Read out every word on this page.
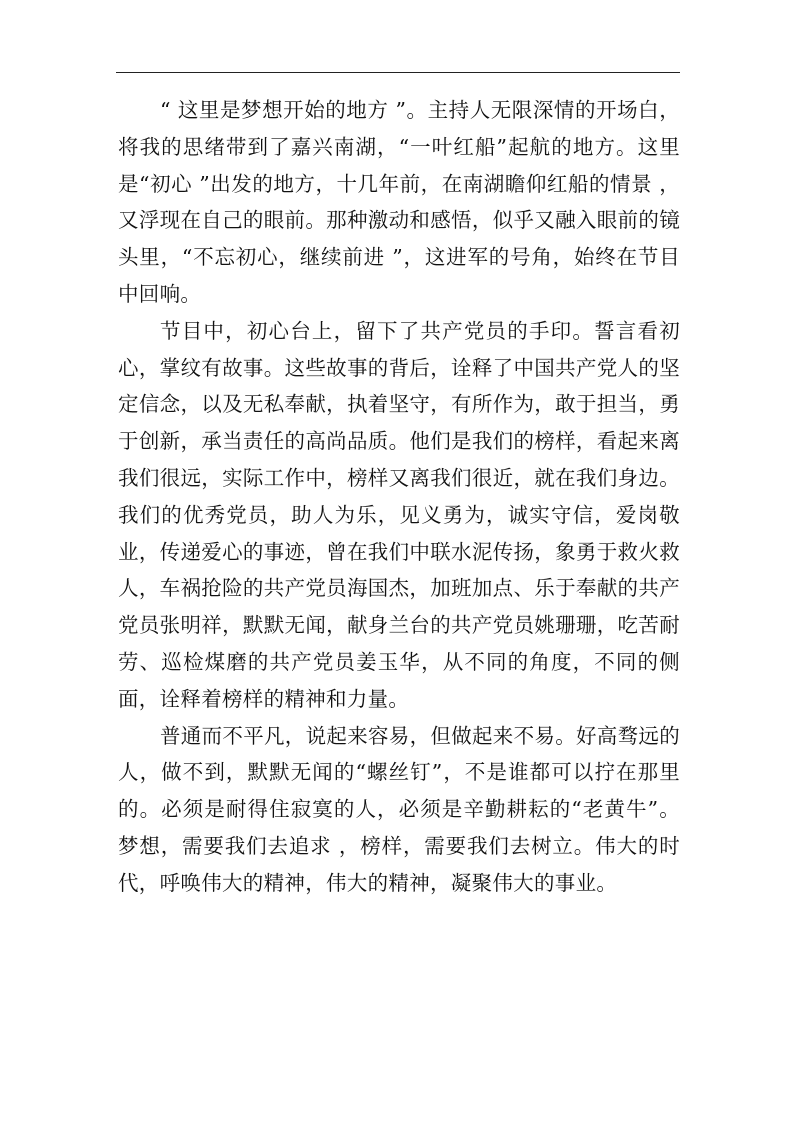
“ 这里是梦想开始的地方 ”。主持人无限深情的开场白，将我的思绪带到了嘉兴南湖，“一叶红船”起航的地方。这里是“初心 ”出发的地方，十几年前，在南湖瞻仰红船的情景 ，又浮现在自己的眼前。那种激动和感悟，似乎又融入眼前的镜头里，“不忘初心，继续前进 ”，这进军的号角，始终在节目中回响。

节目中，初心台上，留下了共产党员的手印。誓言看初心，掌纹有故事。这些故事的背后，诠释了中国共产党人的坚定信念，以及无私奉献，执着坚守，有所作为，敢于担当，勇于创新，承当责任的高尚品质。他们是我们的榜样，看起来离我们很远，实际工作中，榜样又离我们很近，就在我们身边。我们的优秀党员，助人为乐，见义勇为，诚实守信，爱岗敬业，传递爱心的事迹，曾在我们中联水泥传扬，象勇于救火救人，车祸抢险的共产党员海国杰，加班加点、乐于奉献的共产党员张明祥，默默无闻，献身兰台的共产党员姚珊珊，吃苦耐劳、巡检煤磨的共产党员姜玉华，从不同的角度，不同的侧面，诠释着榜样的精神和力量。

普通而不平凡，说起来容易，但做起来不易。好高骛远的人，做不到，默默无闻的“螺丝钉”，不是谁都可以拧在那里的。必须是耐得住寂寞的人，必须是辛勤耕耘的“老黄牛”。梦想，需要我们去追求 ，榜样，需要我们去树立。伟大的时代，呼唤伟大的精神，伟大的精神，凝聚伟大的事业。
